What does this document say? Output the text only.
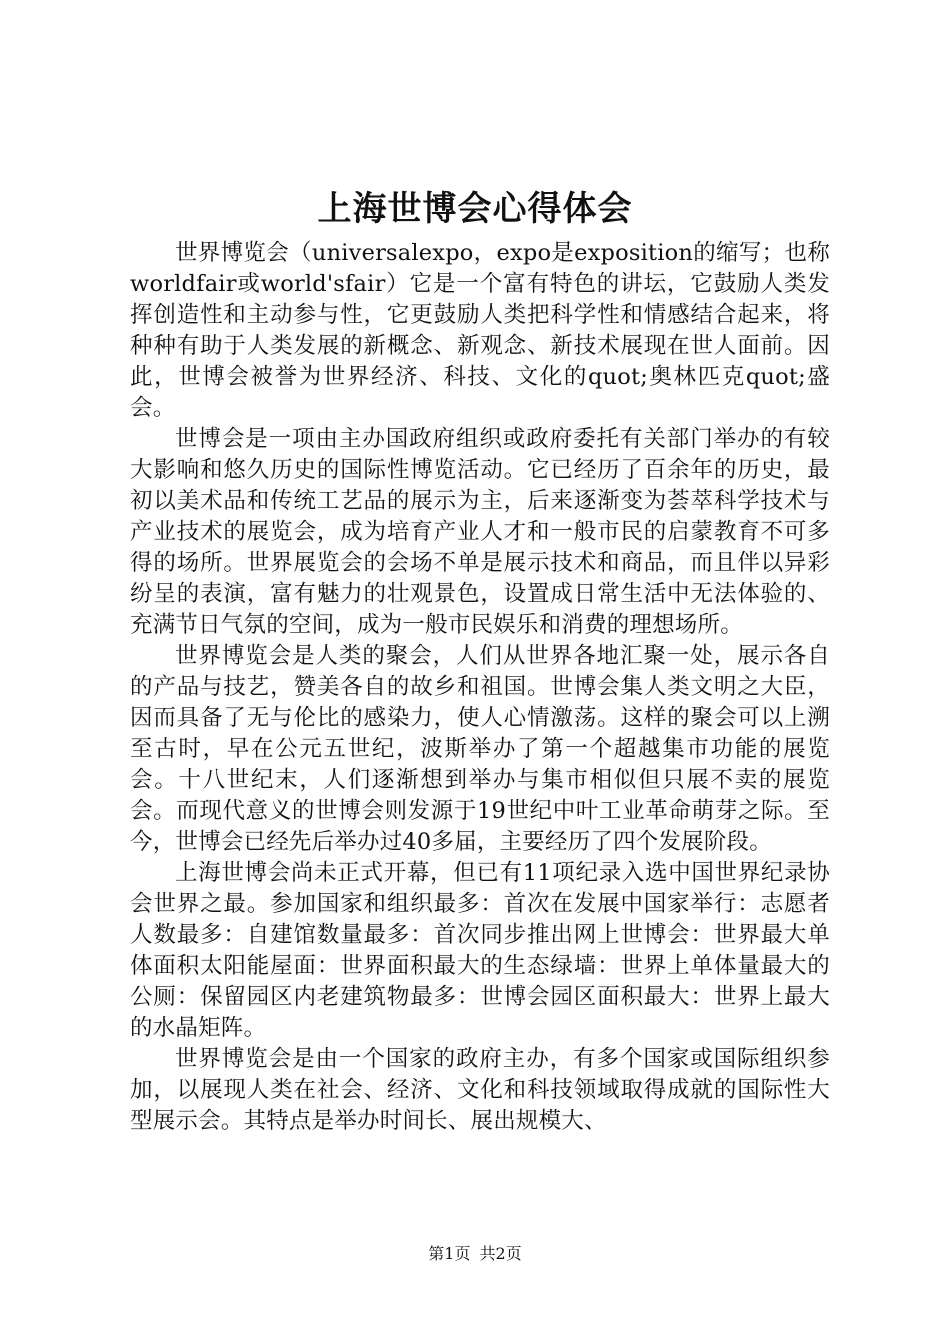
上海世博会心得体会

世界博览会（universalexpo，expo是exposition的缩写；也称worldfair或world'sfair）它是一个富有特色的讲坛，它鼓励人类发挥创造性和主动参与性，它更鼓励人类把科学性和情感结合起来，将种种有助于人类发展的新概念、新观念、新技术展现在世人面前。因此，世博会被誉为世界经济、科技、文化的quot;奥林匹克quot;盛会。

世博会是一项由主办国政府组织或政府委托有关部门举办的有较大影响和悠久历史的国际性博览活动。它已经历了百余年的历史，最初以美术品和传统工艺品的展示为主，后来逐渐变为荟萃科学技术与产业技术的展览会，成为培育产业人才和一般市民的启蒙教育不可多得的场所。世界展览会的会场不单是展示技术和商品，而且伴以异彩纷呈的表演，富有魅力的壮观景色，设置成日常生活中无法体验的、充满节日气氛的空间，成为一般市民娱乐和消费的理想场所。

世界博览会是人类的聚会，人们从世界各地汇聚一处，展示各自的产品与技艺，赞美各自的故乡和祖国。世博会集人类文明之大臣，因而具备了无与伦比的感染力，使人心情激荡。这样的聚会可以上溯至古时，早在公元五世纪，波斯举办了第一个超越集市功能的展览会。十八世纪末，人们逐渐想到举办与集市相似但只展不卖的展览会。而现代意义的世博会则发源于19世纪中叶工业革命萌芽之际。至今，世博会已经先后举办过40多届，主要经历了四个发展阶段。

上海世博会尚未正式开幕，但已有11项纪录入选中国世界纪录协会世界之最。参加国家和组织最多：首次在发展中国家举行：志愿者人数最多：自建馆数量最多：首次同步推出网上世博会：世界最大单体面积太阳能屋面：世界面积最大的生态绿墙：世界上单体量最大的公厕：保留园区内老建筑物最多：世博会园区面积最大：世界上最大的水晶矩阵。

世界博览会是由一个国家的政府主办，有多个国家或国际组织参加，以展现人类在社会、经济、文化和科技领域取得成就的国际性大型展示会。其特点是举办时间长、展出规模大、

第1页 共2页
